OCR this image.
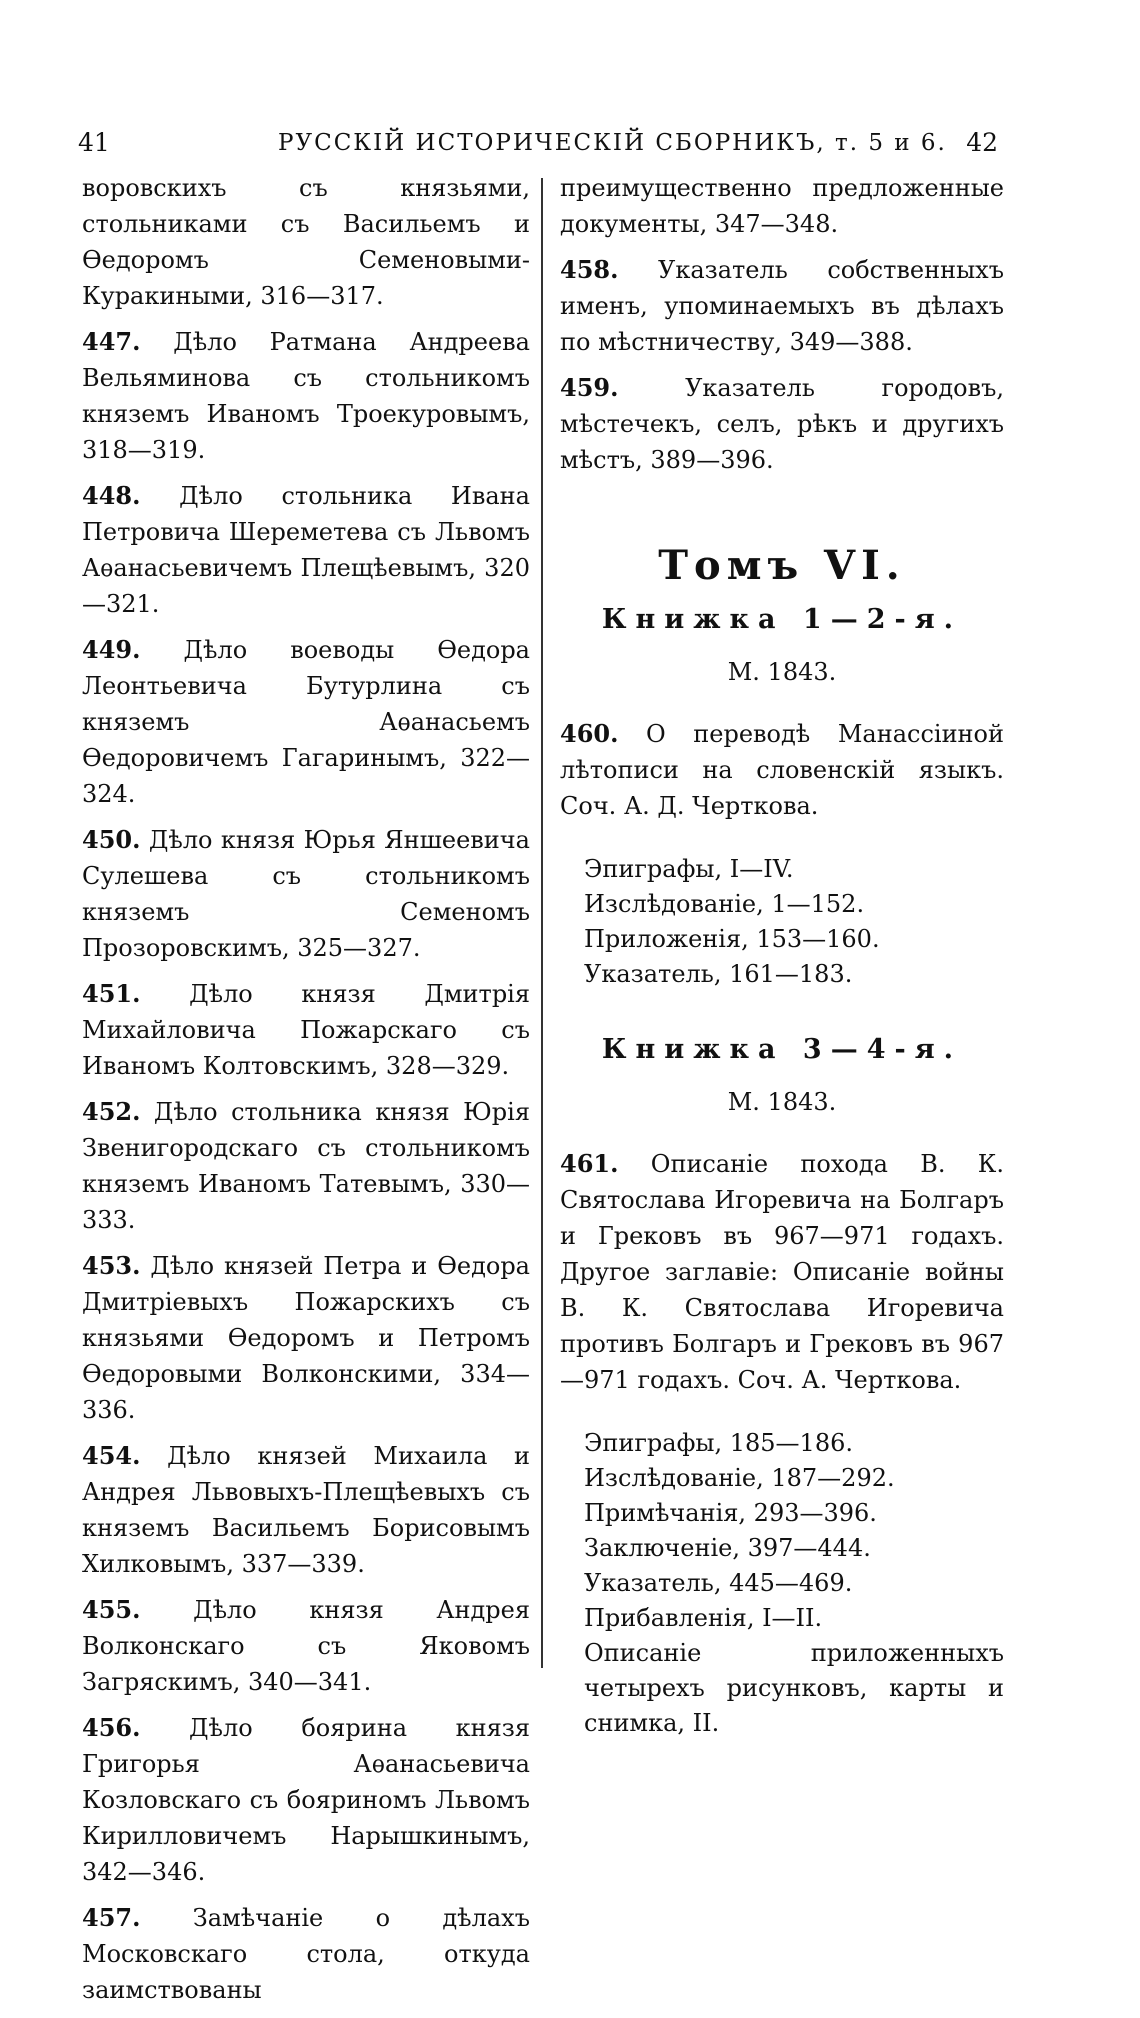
41	РУССКІЙ ИСТОРИЧЕСКІЙ СБОРНИКЪ, т. 5 и 6. 42
воровскихъ съ князьями, стольниками съ Васильемъ и Ѳедоромъ Семеновыми-Куракиными, 316—317.
447. Дѣло Ратмана Андреева Вельяминова съ стольникомъ княземъ Иваномъ Троекуровымъ, 318—319.
448. Дѣло стольника Ивана Петровича Шереметева съ Львомъ Аѳанасьевичемъ Плещѣевымъ, 320—321.
449. Дѣло воеводы Ѳедора Леонтьевича Бутурлина съ княземъ Аѳанасьемъ Ѳедоровичемъ Гагаринымъ, 322—324.
450. Дѣло князя Юрья Яншеевича Сулешева съ стольникомъ княземъ Семеномъ Прозоровскимъ, 325—327.
451. Дѣло князя Дмитрія Михайловича Пожарскаго съ Иваномъ Колтовскимъ, 328—329.
452. Дѣло стольника князя Юрія Звенигородскаго съ стольникомъ княземъ Иваномъ Татевымъ, 330—333.
453. Дѣло князей Петра и Ѳедора Дмитріевыхъ Пожарскихъ съ князьями Ѳедоромъ и Петромъ Ѳедоровыми Волконскими, 334—336.
454. Дѣло князей Михаила и Андрея Львовыхъ-Плещѣевыхъ съ княземъ Васильемъ Борисовымъ Хилковымъ, 337—339.
455. Дѣло князя Андрея Волконскаго съ Яковомъ Загряскимъ, 340—341.
456. Дѣло боярина князя Григорья Аѳанасьевича Козловскаго съ бояриномъ Львомъ Кирилловичемъ Нарышкинымъ, 342—346.
457. Замѣчаніе о дѣлахъ Московскаго стола, откуда заимствованы
преимущественно предложенные документы, 347—348.
458. Указатель собственныхъ именъ, упоминаемыхъ въ дѣлахъ по мѣстничеству, 349—388.
459.	Указатель городовъ, мѣстечекъ, селъ, рѣкъ и другихъ мѣстъ, 389—396.
Томъ VI.
Книжка 1—2-я.
М. 1843.
460. О переводѣ Манассіиной лѣтописи на словенскій языкъ. Соч. А. Д. Черткова.
Эпиграфы, I—IV.
Изслѣдованіе, 1—152.
Приложенія, 153—160.
Указатель, 161—183.
Книжка 3—4-я.
М. 1843.
461. Описаніе похода В. К. Святослава Игоревича на Болгаръ и Грековъ въ 967—971 годахъ. Другое заглавіе: Описаніе войны В. К. Святослава Игоревича противъ Болгаръ и Грековъ въ 967—971 годахъ. Соч. А. Черткова.
Эпиграфы, 185—186.
Изслѣдованіе, 187—292.
Примѣчанія, 293—396.
Заключеніе, 397—444.
Указатель, 445—469.
Прибавленія, I—II.
Описаніе приложенныхъ четырехъ рисунковъ, карты и снимка, II.
